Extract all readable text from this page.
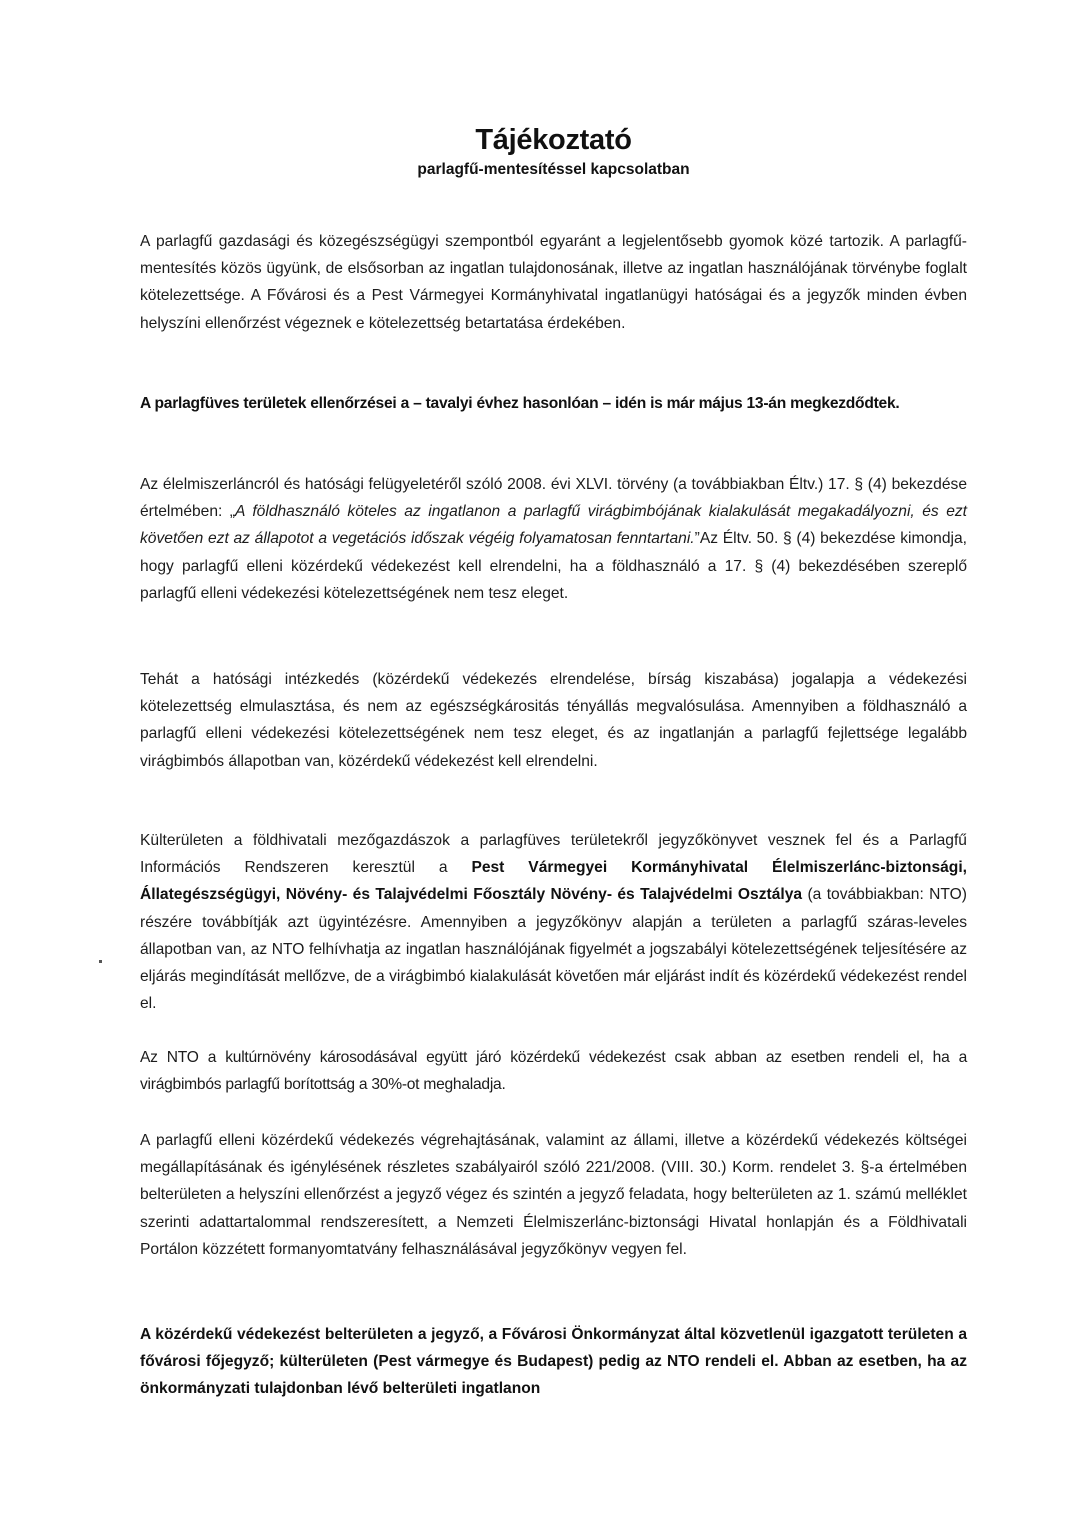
Tájékoztató
parlagfű-mentesítéssel kapcsolatban

A parlagfű gazdasági és közegészségügyi szempontból egyaránt a legjelentősebb gyomok közé tartozik. A parlagfű-mentesítés közös ügyünk, de elsősorban az ingatlan tulajdonosának, illetve az ingatlan használójának törvénybe foglalt kötelezettsége. A Fővárosi és a Pest Vármegyei Kormányhivatal ingatlanügyi hatóságai és a jegyzők minden évben helyszíni ellenőrzést végeznek e kötelezettség betartatása érdekében.

A parlagfüves területek ellenőrzései a – tavalyi évhez hasonlóan – idén is már május 13-án megkezdődtek.

Az élelmiszerláncról és hatósági felügyeletéről szóló 2008. évi XLVI. törvény (a továbbiakban Éltv.) 17. § (4) bekezdése értelmében: „A földhasználó köteles az ingatlanon a parlagfű virágbimbójának kialakulását megakadályozni, és ezt követően ezt az állapotot a vegetációs időszak végéig folyamatosan fenntartani.”Az Éltv. 50. § (4) bekezdése kimondja, hogy parlagfű elleni közérdekű védekezést kell elrendelni, ha a földhasználó a 17. § (4) bekezdésében szereplő parlagfű elleni védekezési kötelezettségének nem tesz eleget.

Tehát a hatósági intézkedés (közérdekű védekezés elrendelése, bírság kiszabása) jogalapja a védekezési kötelezettség elmulasztása, és nem az egészségkárositás tényállás megvalósulása. Amennyiben a földhasználó a parlagfű elleni védekezési kötelezettségének nem tesz eleget, és az ingatlanján a parlagfű fejlettsége legalább virágbimbós állapotban van, közérdekű védekezést kell elrendelni.

Külterületen a földhivatali mezőgazdászok a parlagfüves területekről jegyzőkönyvet vesznek fel és a Parlagfű Információs Rendszeren keresztül a Pest Vármegyei Kormányhivatal Élelmiszerlánc-biztonsági, Állategészségügyi, Növény- és Talajvédelmi Főosztály Növény- és Talajvédelmi Osztálya (a továbbiakban: NTO) részére továbbítják azt ügyintézésre. Amennyiben a jegyzőkönyv alapján a területen a parlagfű száras-leveles állapotban van, az NTO felhívhatja az ingatlan használójának figyelmét a jogszabályi kötelezettségének teljesítésére az eljárás megindítását mellőzve, de a virágbimbó kialakulását követően már eljárást indít és közérdekű védekezést rendel el.

Az NTO a kultúrnövény károsodásával együtt járó közérdekű védekezést csak abban az esetben rendeli el, ha a virágbimbós parlagfű borítottság a 30%-ot meghaladja.

A parlagfű elleni közérdekű védekezés végrehajtásának, valamint az állami, illetve a közérdekű védekezés költségei megállapításának és igénylésének részletes szabályairól szóló 221/2008. (VIII. 30.) Korm. rendelet 3. §-a értelmében belterületen a helyszíni ellenőrzést a jegyző végez és szintén a jegyző feladata, hogy belterületen az 1. számú melléklet szerinti adattartalommal rendszeresített, a Nemzeti Élelmiszerlánc-biztonsági Hivatal honlapján és a Földhivatali Portálon közzétett formanyomtatvány felhasználásával jegyzőkönyv vegyen fel.

A közérdekű védekezést belterületen a jegyző, a Fővárosi Önkormányzat által közvetlenül igazgatott területen a fővárosi főjegyző; külterületen (Pest vármegye és Budapest) pedig az NTO rendeli el. Abban az esetben, ha az önkormányzati tulajdonban lévő belterületi ingatlanon
